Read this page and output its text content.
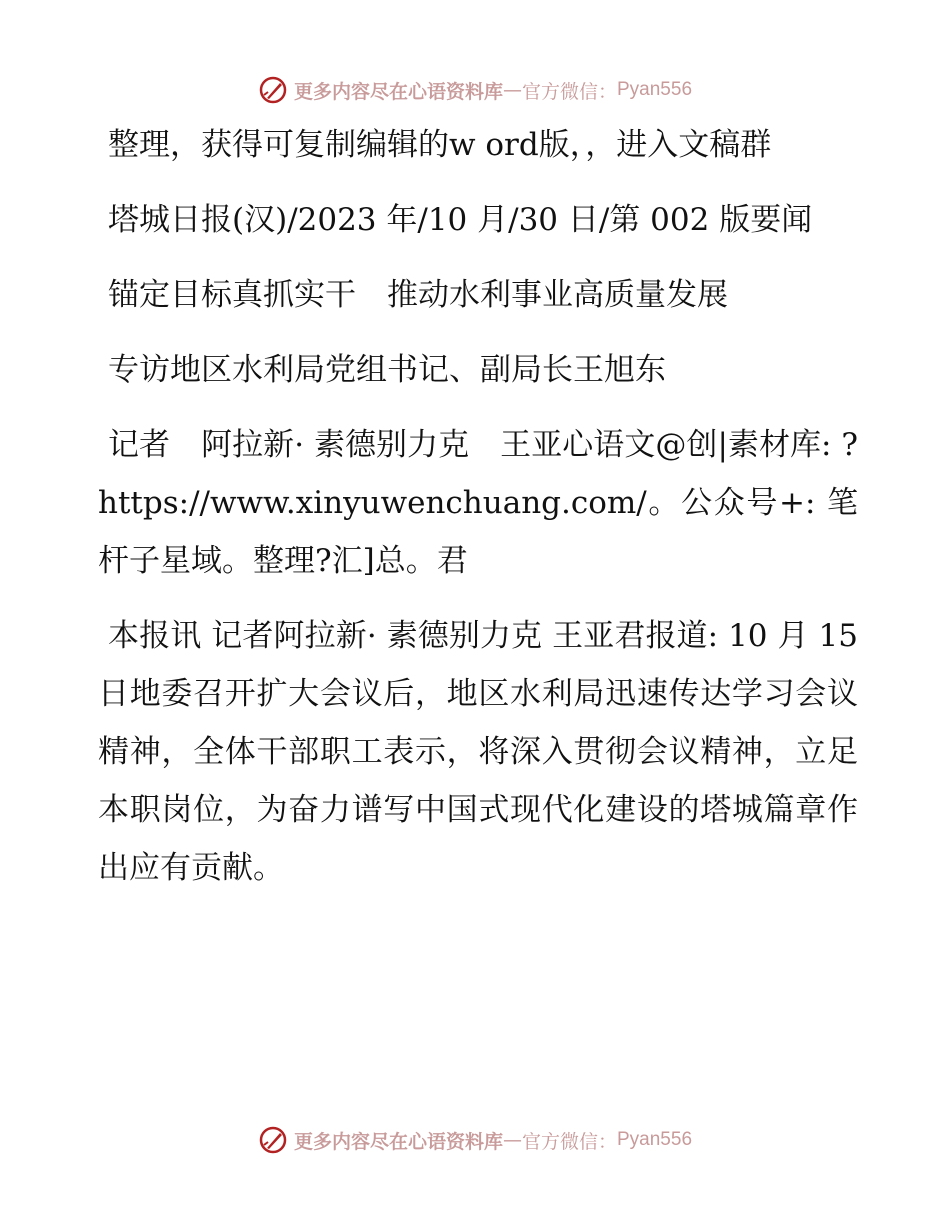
更多内容尽在心语资料库 — 官方微信： Pyan556

整理，获得可复制编辑的w ord版，，进入文稿群

塔城日报(汉)/2023 年/10 月/30 日/第 002 版要闻

锚定目标真抓实干　推动水利事业高质量发展

专访地区水利局党组书记、副局长王旭东

记者　阿拉新· 素德别力克　王亚心语文@创|素材库: ?https://www.xinyuwenchuang.com/。公众号+: 笔杆子星域。整理?汇]总。君

本报讯 记者阿拉新· 素德别力克 王亚君报道: 10 月 15 日地委召开扩大会议后，地区水利局迅速传达学习会议精神，全体干部职工表示，将深入贯彻会议精神，立足本职岗位，为奋力谱写中国式现代化建设的塔城篇章作出应有贡献。

更多内容尽在心语资料库 — 官方微信： Pyan556
